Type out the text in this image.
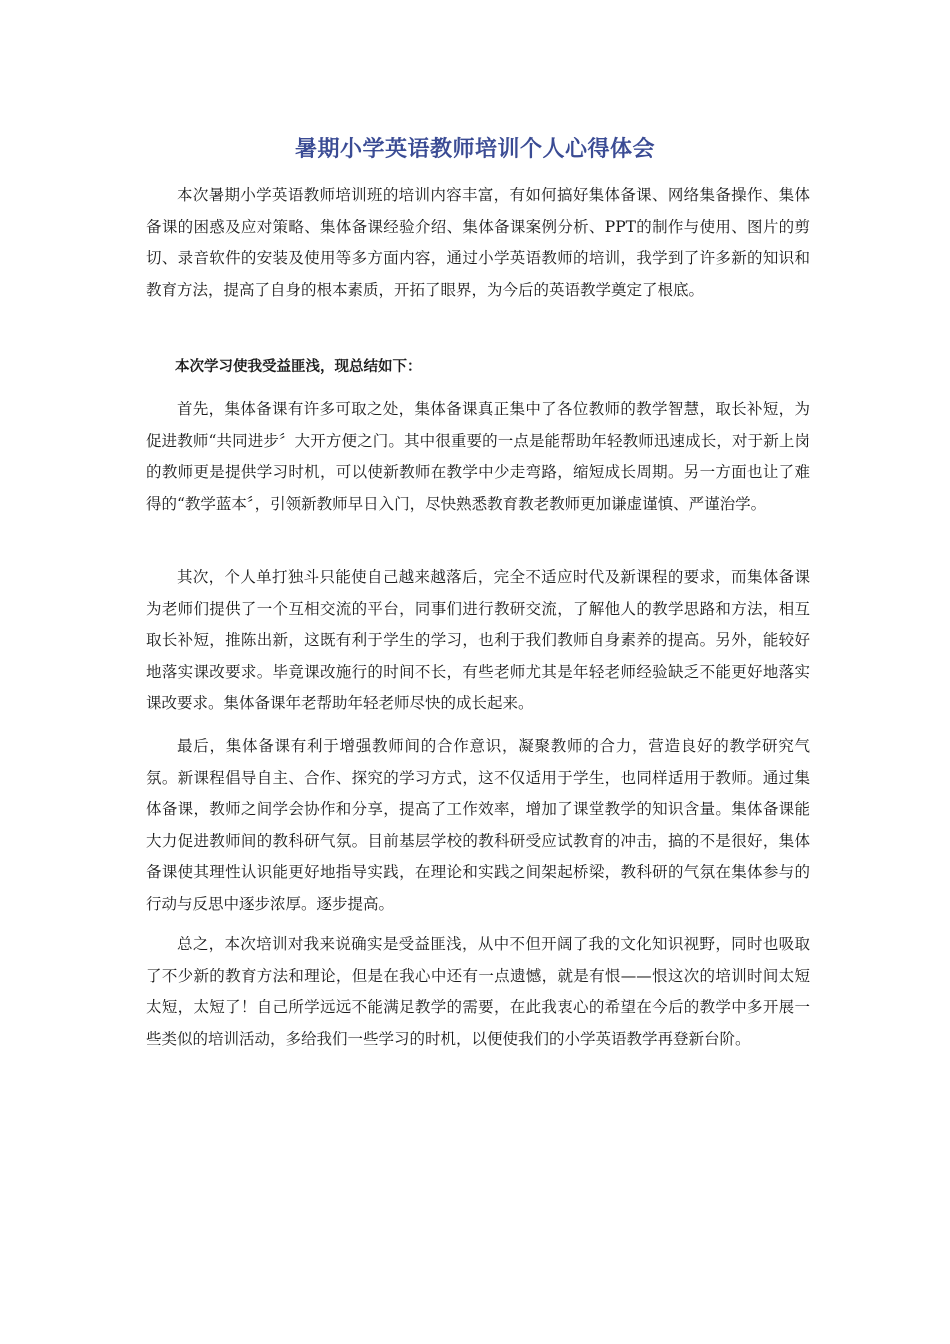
暑期小学英语教师培训个人心得体会

本次暑期小学英语教师培训班的培训内容丰富，有如何搞好集体备课、网络集备操作、集体备课的困惑及应对策略、集体备课经验介绍、集体备课案例分析、PPT的制作与使用、图片的剪切、录音软件的安装及使用等多方面内容，通过小学英语教师的培训，我学到了许多新的知识和教育方法，提高了自身的根本素质，开拓了眼界，为今后的英语教学奠定了根底。

本次学习使我受益匪浅，现总结如下：

首先，集体备课有许多可取之处，集体备课真正集中了各位教师的教学智慧，取长补短，为促进教师“共同进步〞大开方便之门。其中很重要的一点是能帮助年轻教师迅速成长，对于新上岗的教师更是提供学习时机，可以使新教师在教学中少走弯路，缩短成长周期。另一方面也让了难得的“教学蓝本〞，引领新教师早日入门，尽快熟悉教育教老教师更加谦虚谨慎、严谨治学。

其次，个人单打独斗只能使自己越来越落后，完全不适应时代及新课程的要求，而集体备课为老师们提供了一个互相交流的平台，同事们进行教研交流，了解他人的教学思路和方法，相互取长补短，推陈出新，这既有利于学生的学习，也利于我们教师自身素养的提高。另外，能较好地落实课改要求。毕竟课改施行的时间不长，有些老师尤其是年轻老师经验缺乏不能更好地落实课改要求。集体备课年老帮助年轻老师尽快的成长起来。

最后，集体备课有利于增强教师间的合作意识，凝聚教师的合力，营造良好的教学研究气氛。新课程倡导自主、合作、探究的学习方式，这不仅适用于学生，也同样适用于教师。通过集体备课，教师之间学会协作和分享，提高了工作效率，增加了课堂教学的知识含量。集体备课能大力促进教师间的教科研气氛。目前基层学校的教科研受应试教育的冲击，搞的不是很好，集体备课使其理性认识能更好地指导实践，在理论和实践之间架起桥梁，教科研的气氛在集体参与的行动与反思中逐步浓厚。逐步提高。

总之，本次培训对我来说确实是受益匪浅，从中不但开阔了我的文化知识视野，同时也吸取了不少新的教育方法和理论，但是在我心中还有一点遗憾，就是有恨——恨这次的培训时间太短太短，太短了！自己所学远远不能满足教学的需要，在此我衷心的希望在今后的教学中多开展一些类似的培训活动，多给我们一些学习的时机，以便使我们的小学英语教学再登新台阶。
